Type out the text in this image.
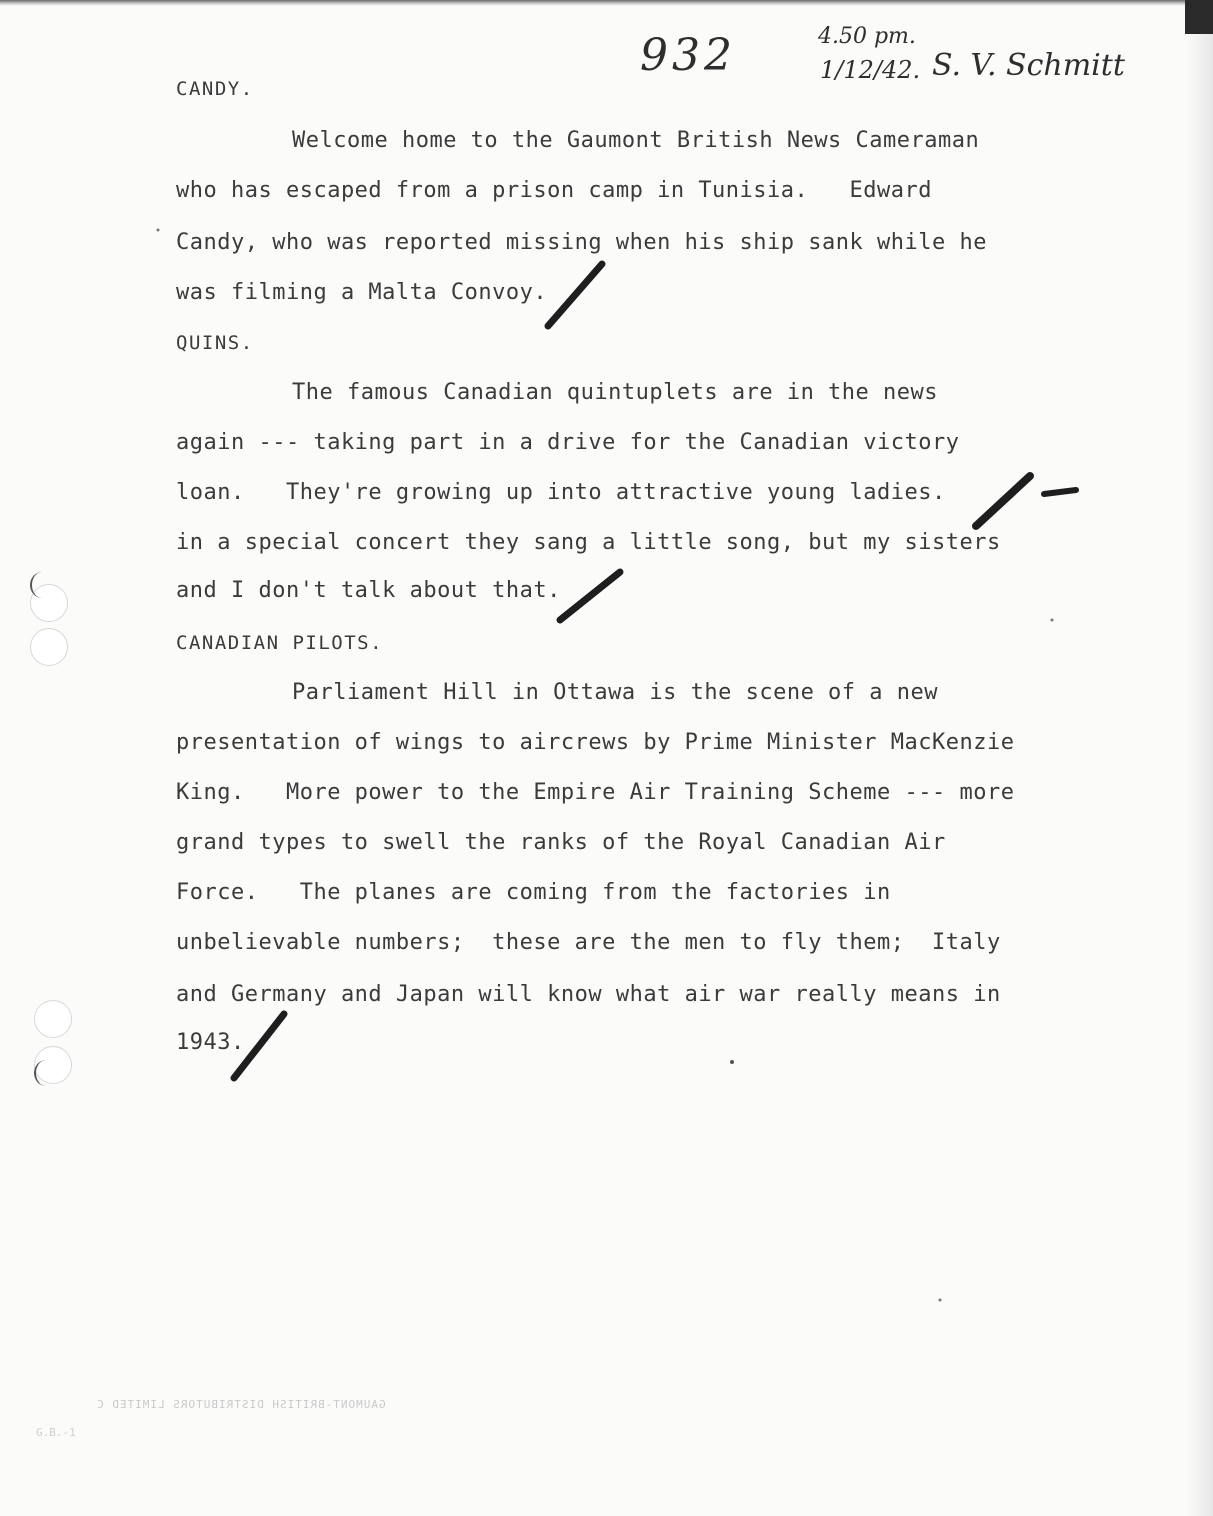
932	4.50 pm.
1/12/42. S. V. Schmitt
CANDY.
Welcome home to the Gaumont British News Cameraman
who has escaped from a prison camp in Tunisia.   Edward
Candy, who was reported missing when his ship sank while he
was filming a Malta Convoy.
QUINS.
The famous Canadian quintuplets are in the news
again --- taking part in a drive for the Canadian victory
loan.   They're growing up into attractive young ladies.
in a special concert they sang a little song, but my sisters
and I don't talk about that.
CANADIAN PILOTS.
Parliament Hill in Ottawa is the scene of a new
presentation of wings to aircrews by Prime Minister MacKenzie
King.   More power to the Empire Air Training Scheme --- more
grand types to swell the ranks of the Royal Canadian Air
Force.   The planes are coming from the factories in
unbelievable numbers;  these are the men to fly them;  Italy
and Germany and Japan will know what air war really means in
1943.
GAUMONT-BRITISH DISTRIBUTORS LIMITED C
G.B.-1
